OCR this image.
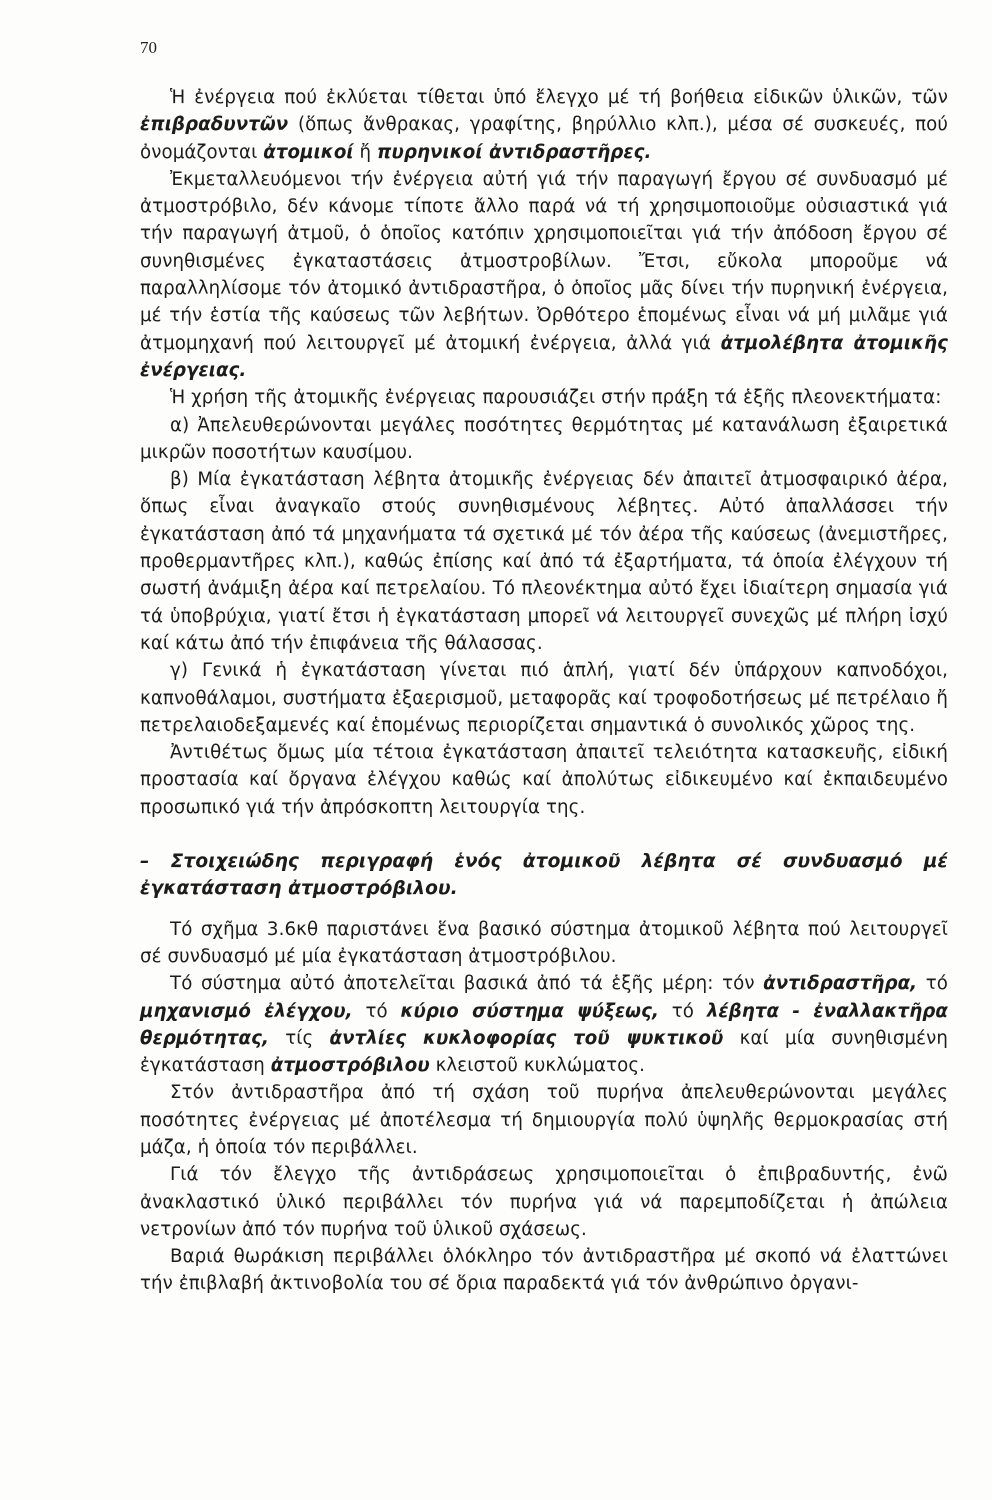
70

Ἡ ἐνέργεια πού ἐκλύεται τίθεται ὑπό ἔλεγχο μέ τή βοήθεια εἰδικῶν ὑλικῶν, τῶν ἐπιβραδυντῶν (ὅπως ἄνθρακας, γραφίτης, βηρύλλιο κλπ.), μέσα σέ συσκευές, πού ὀνομάζονται ἀτομικοί ἤ πυρηνικοί ἀντιδραστῆρες.

Ἐκμεταλλευόμενοι τήν ἐνέργεια αὐτή γιά τήν παραγωγή ἔργου σέ συνδυασμό μέ ἀτμοστρόβιλο, δέν κάνομε τίποτε ἄλλο παρά νά τή χρησιμοποιοῦμε οὐσιαστικά γιά τήν παραγωγή ἀτμοῦ, ὁ ὁποῖος κατόπιν χρησιμοποιεῖται γιά τήν ἀπόδοση ἔργου σέ συνηθισμένες ἐγκαταστάσεις ἀτμοστροβίλων. Ἔτσι, εὔκολα μποροῦμε νά παραλληλίσομε τόν ἀτομικό ἀντιδραστῆρα, ὁ ὁποῖος μᾶς δίνει τήν πυρηνική ἐνέργεια, μέ τήν ἑστία τῆς καύσεως τῶν λεβήτων. Ὀρθότερο ἑπομένως εἶναι νά μή μιλᾶμε γιά ἀτμομηχανή πού λειτουργεῖ μέ ἀτομική ἐνέργεια, ἀλλά γιά ἀτμολέβητα ἀτομικῆς ἐνέργειας.

Ἡ χρήση τῆς ἀτομικῆς ἐνέργειας παρουσιάζει στήν πράξη τά ἑξῆς πλεονεκτήματα:

α) Ἀπελευθερώνονται μεγάλες ποσότητες θερμότητας μέ κατανάλωση ἐξαιρετικά μικρῶν ποσοτήτων καυσίμου.

β) Μία ἐγκατάσταση λέβητα ἀτομικῆς ἐνέργειας δέν ἀπαιτεῖ ἀτμοσφαιρικό ἀέρα, ὅπως εἶναι ἀναγκαῖο στούς συνηθισμένους λέβητες. Αὐτό ἀπαλλάσσει τήν ἐγκατάσταση ἀπό τά μηχανήματα τά σχετικά μέ τόν ἀέρα τῆς καύσεως (ἀνεμιστῆρες, προθερμαντῆρες κλπ.), καθώς ἐπίσης καί ἀπό τά ἐξαρτήματα, τά ὁποία ἐλέγχουν τή σωστή ἀνάμιξη ἀέρα καί πετρελαίου. Τό πλεονέκτημα αὐτό ἔχει ἰδιαίτερη σημασία γιά τά ὑποβρύχια, γιατί ἔτσι ἡ ἐγκατάσταση μπορεῖ νά λειτουργεῖ συνεχῶς μέ πλήρη ἰσχύ καί κάτω ἀπό τήν ἐπιφάνεια τῆς θάλασσας.

γ) Γενικά ἡ ἐγκατάσταση γίνεται πιό ἁπλή, γιατί δέν ὑπάρχουν καπνοδόχοι, καπνοθάλαμοι, συστήματα ἐξαερισμοῦ, μεταφορᾶς καί τροφοδοτήσεως μέ πετρέλαιο ἤ πετρελαιοδεξαμενές καί ἑπομένως περιορίζεται σημαντικά ὁ συνολικός χῶρος της.

Ἀντιθέτως ὅμως μία τέτοια ἐγκατάσταση ἀπαιτεῖ τελειότητα κατασκευῆς, εἰδική προστασία καί ὄργανα ἐλέγχου καθώς καί ἀπολύτως εἰδικευμένο καί ἐκπαιδευμένο προσωπικό γιά τήν ἀπρόσκοπτη λειτουργία της.

– Στοιχειώδης περιγραφή ἑνός ἀτομικοῦ λέβητα σέ συνδυασμό μέ ἐγκατάσταση ἀτμοστρόβιλου.

Τό σχῆμα 3.6κθ παριστάνει ἕνα βασικό σύστημα ἀτομικοῦ λέβητα πού λειτουργεῖ σέ συνδυασμό μέ μία ἐγκατάσταση ἀτμοστρόβιλου.

Τό σύστημα αὐτό ἀποτελεῖται βασικά ἀπό τά ἑξῆς μέρη: τόν ἀντιδραστῆρα, τό μηχανισμό ἐλέγχου, τό κύριο σύστημα ψύξεως, τό λέβητα - ἐναλλακτῆρα θερμότητας, τίς ἀντλίες κυκλοφορίας τοῦ ψυκτικοῦ καί μία συνηθισμένη ἐγκατάσταση ἀτμοστρόβιλου κλειστοῦ κυκλώματος.

Στόν ἀντιδραστῆρα ἀπό τή σχάση τοῦ πυρήνα ἀπελευθερώνονται μεγάλες ποσότητες ἐνέργειας μέ ἀποτέλεσμα τή δημιουργία πολύ ὑψηλῆς θερμοκρασίας στή μάζα, ἡ ὁποία τόν περιβάλλει.

Γιά τόν ἔλεγχο τῆς ἀντιδράσεως χρησιμοποιεῖται ὁ ἐπιβραδυντής, ἐνῶ ἀνακλαστικό ὑλικό περιβάλλει τόν πυρήνα γιά νά παρεμποδίζεται ἡ ἀπώλεια νετρονίων ἀπό τόν πυρήνα τοῦ ὑλικοῦ σχάσεως.

Βαριά θωράκιση περιβάλλει ὁλόκληρο τόν ἀντιδραστῆρα μέ σκοπό νά ἐλαττώνει τήν ἐπιβλαβή ἀκτινοβολία του σέ ὅρια παραδεκτά γιά τόν ἀνθρώπινο ὀργανι-
